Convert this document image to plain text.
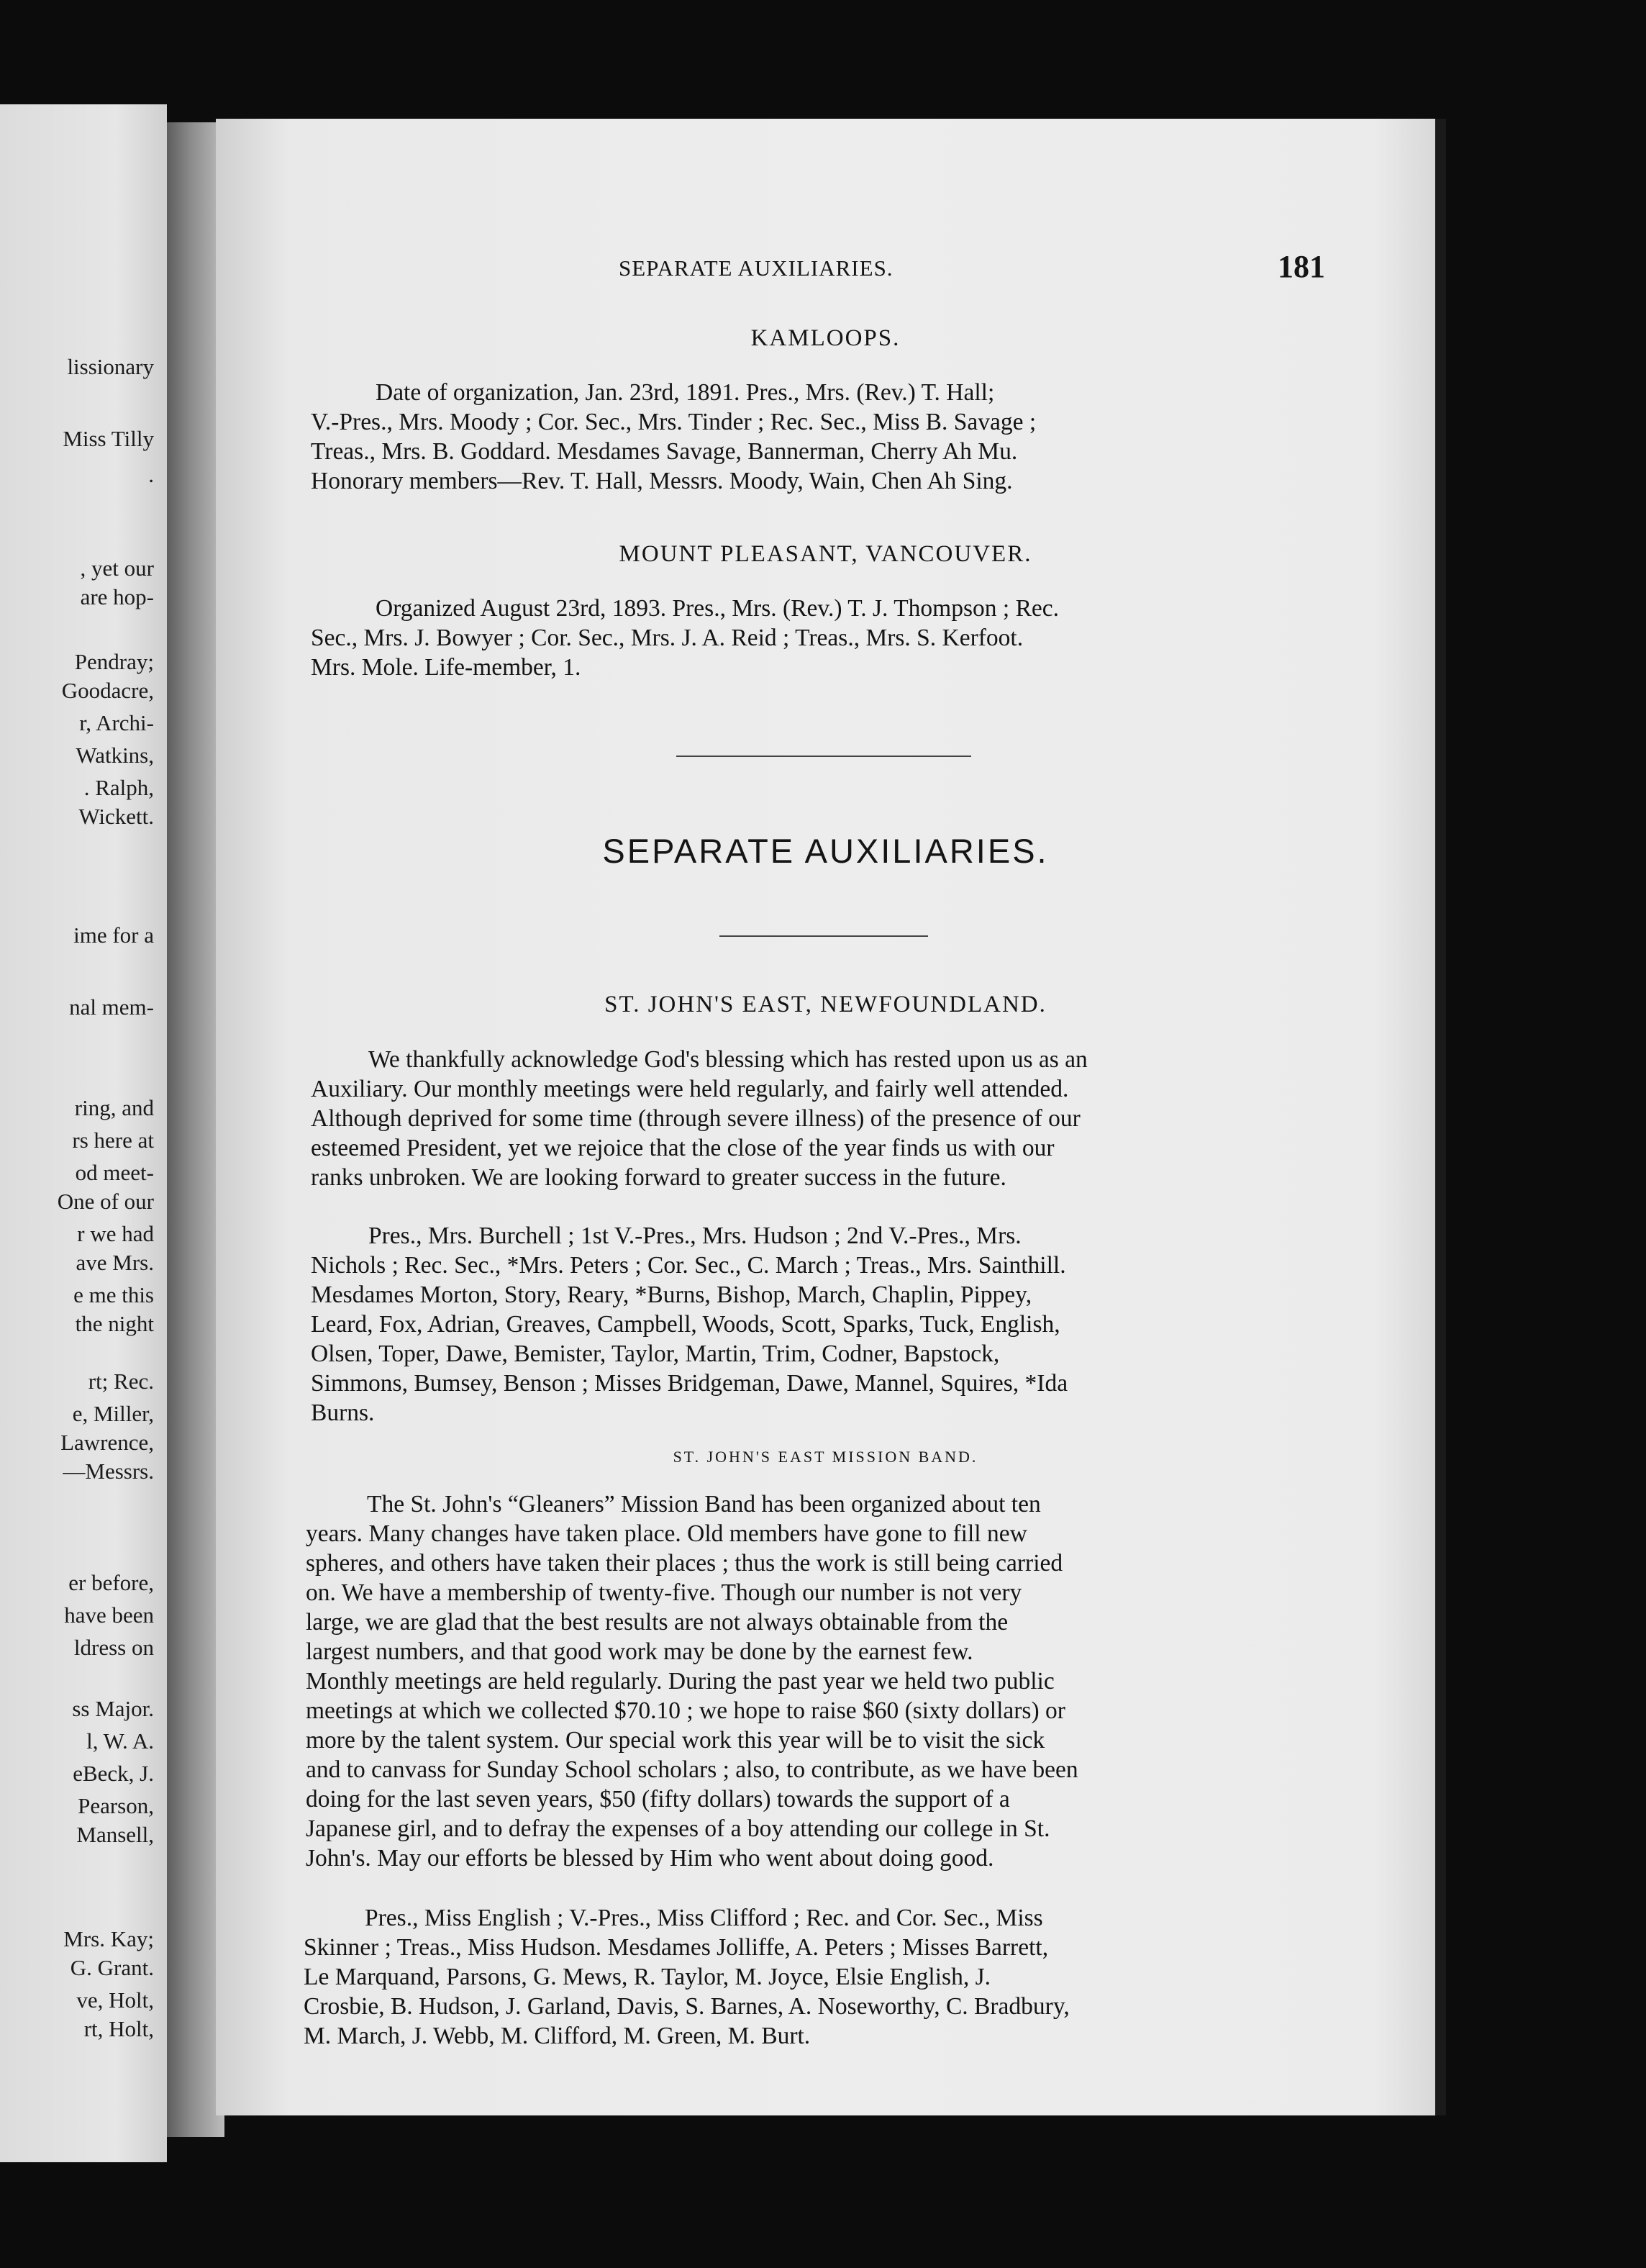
lissionary
Miss Tilly
.
, yet our
are hop-
Pendray;
Goodacre,
r, Archi-
Watkins,
. Ralph,
Wickett.
ime for a
nal mem-
ring, and
rs here at
od meet-
One of our
r we had
ave Mrs.
e me this
the night
rt; Rec.
e, Miller,
Lawrence,
—Messrs.
er before,
have been
ldress on
ss Major.
l, W. A.
eBeck, J.
Pearson,
Mansell,
Mrs. Kay;
G. Grant.
ve, Holt,
rt, Holt,
SEPARATE AUXILIARIES.	181
KAMLOOPS.
Date of organization, Jan. 23rd, 1891. Pres., Mrs. (Rev.) T. Hall;
V.-Pres., Mrs. Moody ; Cor. Sec., Mrs. Tinder ; Rec. Sec., Miss B. Savage ;
Treas., Mrs. B. Goddard. Mesdames Savage, Bannerman, Cherry Ah Mu.
Honorary members—Rev. T. Hall, Messrs. Moody, Wain, Chen Ah Sing.
MOUNT PLEASANT, VANCOUVER.
Organized August 23rd, 1893. Pres., Mrs. (Rev.) T. J. Thompson ; Rec.
Sec., Mrs. J. Bowyer ; Cor. Sec., Mrs. J. A. Reid ; Treas., Mrs. S. Kerfoot.
Mrs. Mole. Life-member, 1.
SEPARATE AUXILIARIES.
ST. JOHN'S EAST, NEWFOUNDLAND.
We thankfully acknowledge God's blessing which has rested upon us as an
Auxiliary. Our monthly meetings were held regularly, and fairly well attended.
Although deprived for some time (through severe illness) of the presence of our
esteemed President, yet we rejoice that the close of the year finds us with our
ranks unbroken. We are looking forward to greater success in the future.
Pres., Mrs. Burchell ; 1st V.-Pres., Mrs. Hudson ; 2nd V.-Pres., Mrs.
Nichols ; Rec. Sec., *Mrs. Peters ; Cor. Sec., C. March ; Treas., Mrs. Sainthill.
Mesdames Morton, Story, Reary, *Burns, Bishop, March, Chaplin, Pippey,
Leard, Fox, Adrian, Greaves, Campbell, Woods, Scott, Sparks, Tuck, English,
Olsen, Toper, Dawe, Bemister, Taylor, Martin, Trim, Codner, Bapstock,
Simmons, Bumsey, Benson ; Misses Bridgeman, Dawe, Mannel, Squires, *Ida
Burns.
ST. JOHN'S EAST MISSION BAND.
The St. John's “Gleaners” Mission Band has been organized about ten
years. Many changes have taken place. Old members have gone to fill new
spheres, and others have taken their places ; thus the work is still being carried
on. We have a membership of twenty-five. Though our number is not very
large, we are glad that the best results are not always obtainable from the
largest numbers, and that good work may be done by the earnest few.
Monthly meetings are held regularly. During the past year we held two public
meetings at which we collected $70.10 ; we hope to raise $60 (sixty dollars) or
more by the talent system. Our special work this year will be to visit the sick
and to canvass for Sunday School scholars ; also, to contribute, as we have been
doing for the last seven years, $50 (fifty dollars) towards the support of a
Japanese girl, and to defray the expenses of a boy attending our college in St.
John's. May our efforts be blessed by Him who went about doing good.
Pres., Miss English ; V.-Pres., Miss Clifford ; Rec. and Cor. Sec., Miss
Skinner ; Treas., Miss Hudson. Mesdames Jolliffe, A. Peters ; Misses Barrett,
Le Marquand, Parsons, G. Mews, R. Taylor, M. Joyce, Elsie English, J.
Crosbie, B. Hudson, J. Garland, Davis, S. Barnes, A. Noseworthy, C. Bradbury,
M. March, J. Webb, M. Clifford, M. Green, M. Burt.
